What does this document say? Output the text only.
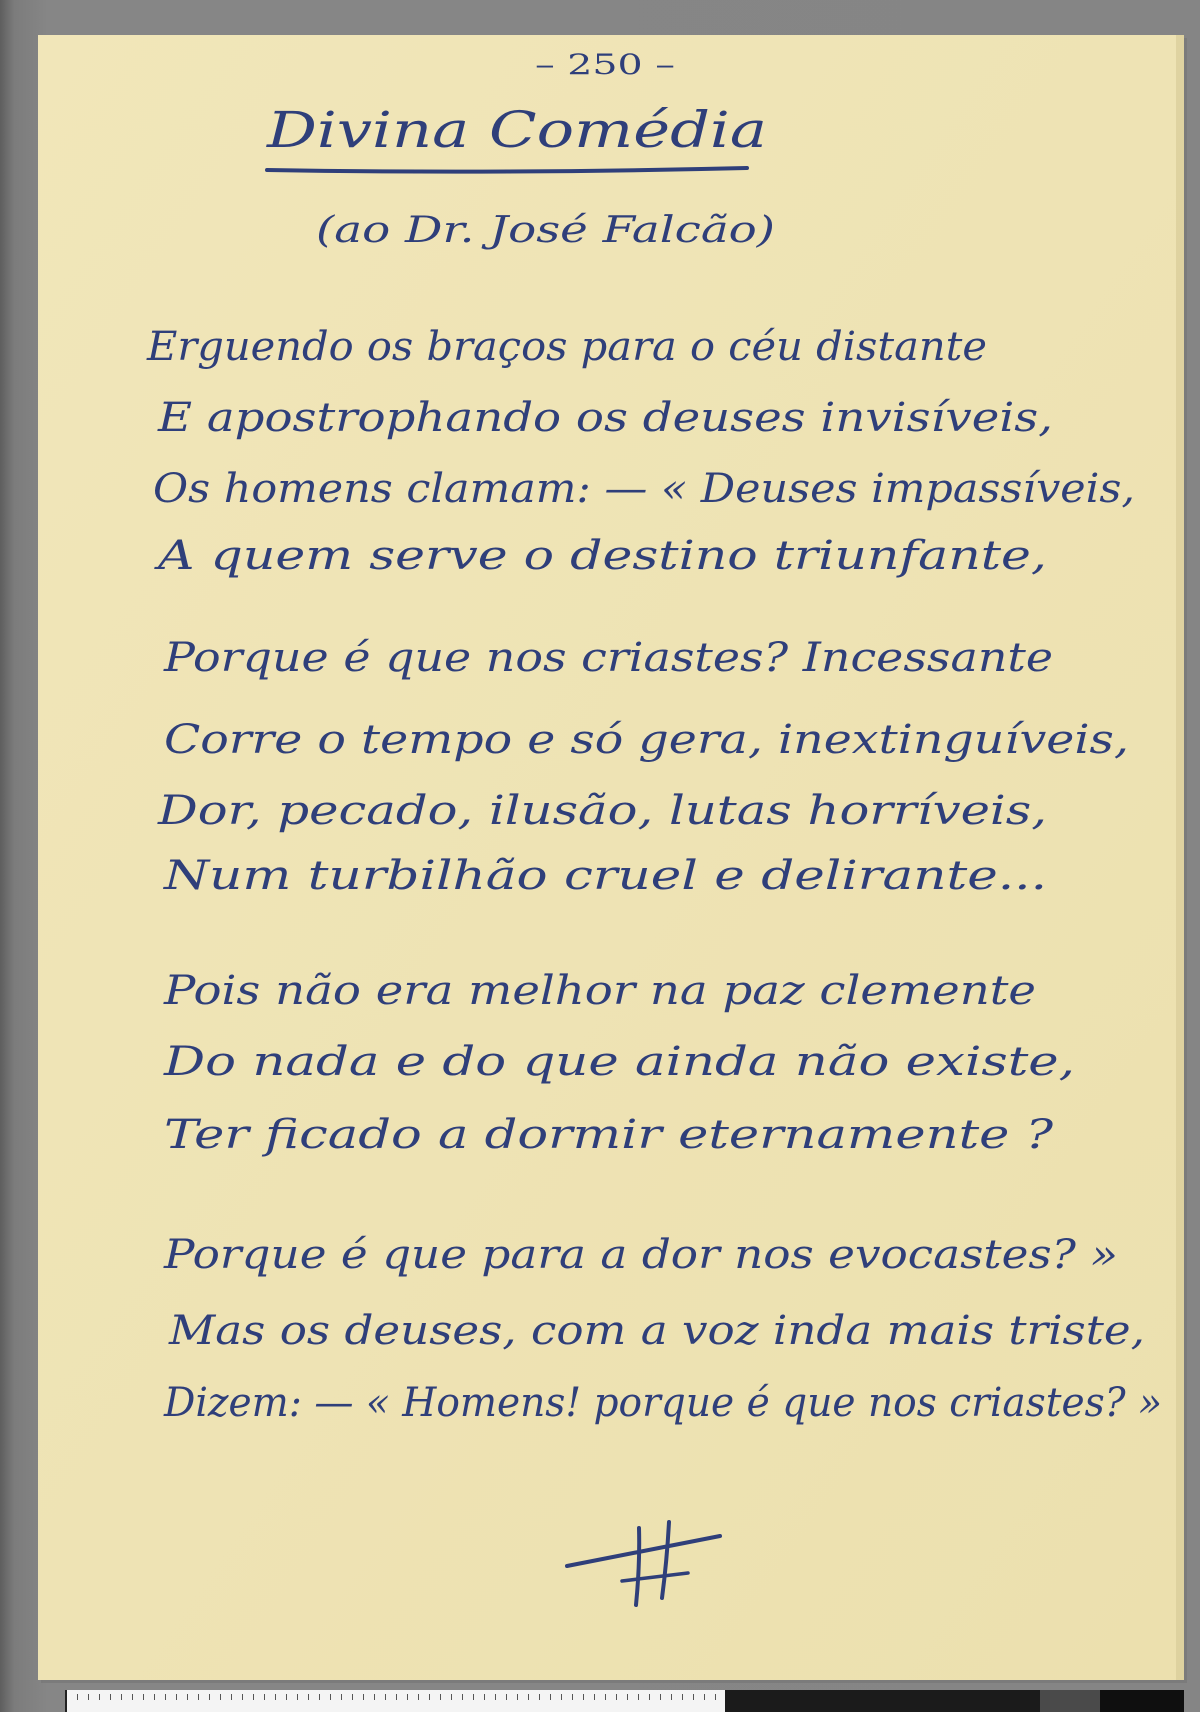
– 250 –
Divina Comédia
(ao Dr. José Falcão)
Erguendo os braços para o céu distante
E apostrophando os deuses invisíveis,
Os homens clamam: — « Deuses impassíveis,
A quem serve o destino triunfante,
Porque é que nos criastes? Incessante
Corre o tempo e só gera, inextinguíveis,
Dor, pecado, ilusão, lutas horríveis,
Num turbilhão cruel e delirante...
Pois não era melhor na paz clemente
Do nada e do que ainda não existe,
Ter ficado a dormir eternamente ?
Porque é que para a dor nos evocastes? »
Mas os deuses, com a voz inda mais triste,
Dizem: — « Homens! porque é que nos criastes? »
